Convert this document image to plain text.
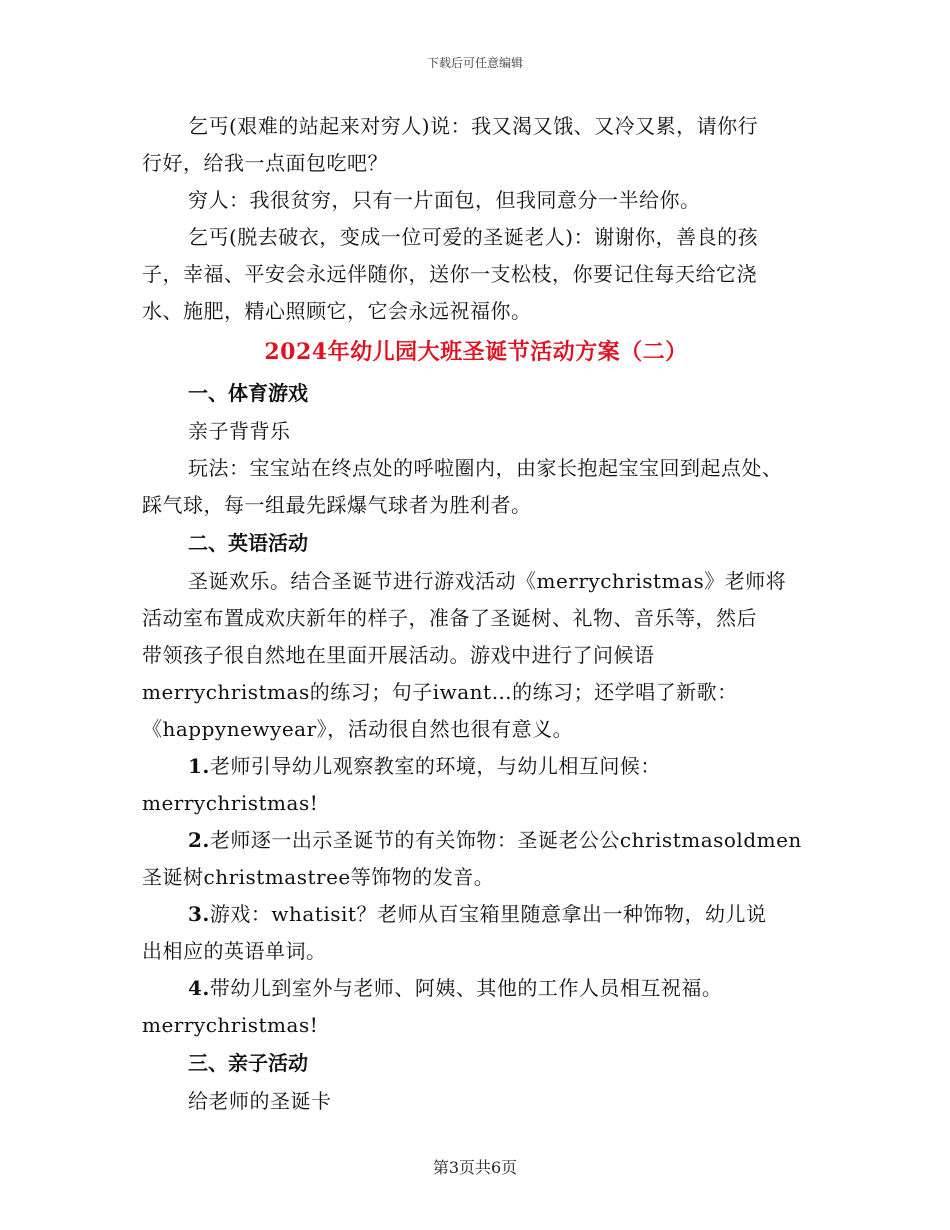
下载后可任意编辑

乞丐(艰难的站起来对穷人)说：我又渴又饿、又冷又累，请你行

行好，给我一点面包吃吧？

穷人：我很贫穷，只有一片面包，但我同意分一半给你。

乞丐(脱去破衣，变成一位可爱的圣诞老人)：谢谢你，善良的孩

子，幸福、平安会永远伴随你，送你一支松枝，你要记住每天给它浇

水、施肥，精心照顾它，它会永远祝福你。

2024年幼儿园大班圣诞节活动方案（二）

一、体育游戏

亲子背背乐

玩法：宝宝站在终点处的呼啦圈内，由家长抱起宝宝回到起点处、

踩气球，每一组最先踩爆气球者为胜利者。

二、英语活动

圣诞欢乐。结合圣诞节进行游戏活动《merrychristmas》老师将

活动室布置成欢庆新年的样子，准备了圣诞树、礼物、音乐等，然后

带领孩子很自然地在里面开展活动。游戏中进行了问候语

merrychristmas的练习；句子iwant…的练习；还学唱了新歌：

《happynewyear》，活动很自然也很有意义。

1.老师引导幼儿观察教室的环境，与幼儿相互问候：

merrychristmas!

2.老师逐一出示圣诞节的有关饰物：圣诞老公公christmasoldmen

圣诞树christmastree等饰物的发音。

3.游戏：whatisit？老师从百宝箱里随意拿出一种饰物，幼儿说

出相应的英语单词。

4.带幼儿到室外与老师、阿姨、其他的工作人员相互祝福。

merrychristmas!

三、亲子活动

给老师的圣诞卡

第3页共6页
